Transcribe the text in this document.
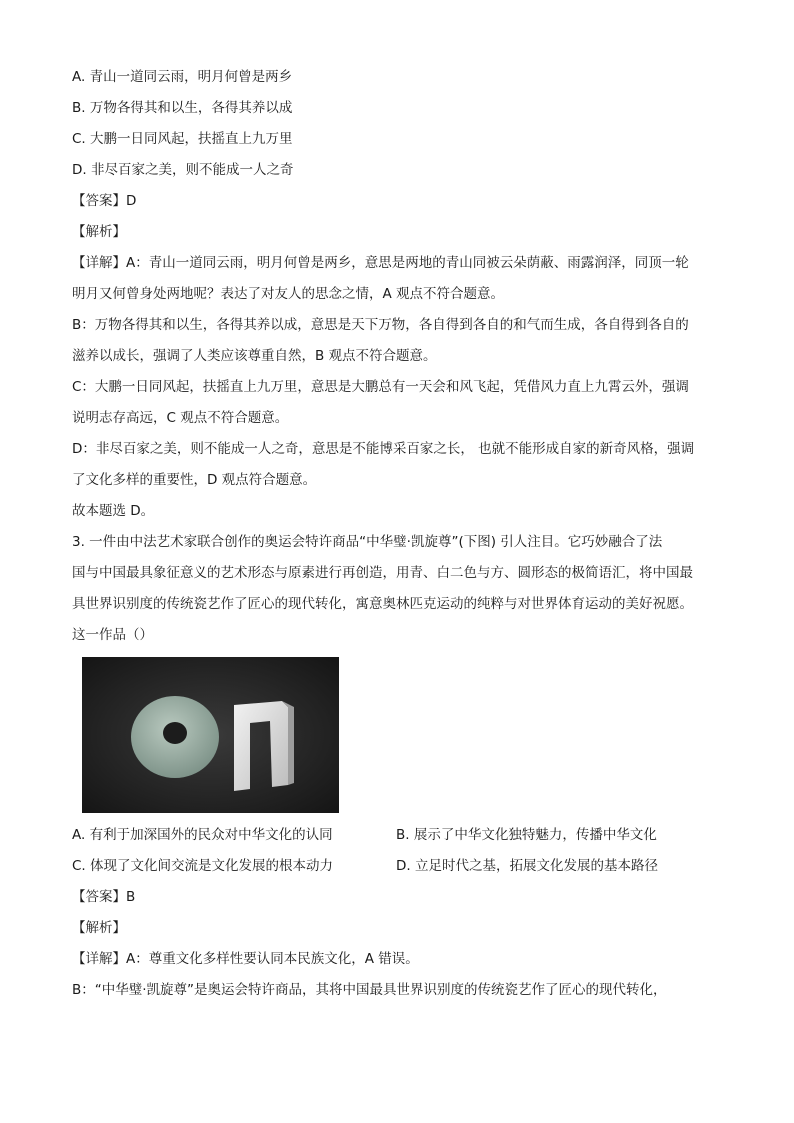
A. 青山一道同云雨，明月何曾是两乡
B. 万物各得其和以生，各得其养以成
C. 大鹏一日同风起，扶摇直上九万里
D. 非尽百家之美，则不能成一人之奇
【答案】D
【解析】
【详解】A：青山一道同云雨，明月何曾是两乡，意思是两地的青山同被云朵荫蔽、雨露润泽，同顶一轮
明月又何曾身处两地呢？表达了对友人的思念之情，A 观点不符合题意。
B：万物各得其和以生，各得其养以成，意思是天下万物，各自得到各自的和气而生成，各自得到各自的
滋养以成长，强调了人类应该尊重自然，B 观点不符合题意。
C：大鹏一日同风起，扶摇直上九万里，意思是大鹏总有一天会和风飞起，凭借风力直上九霄云外，强调
说明志存高远，C 观点不符合题意。
D：非尽百家之美，则不能成一人之奇，意思是不能博采百家之长， 也就不能形成自家的新奇风格，强调
了文化多样的重要性，D 观点符合题意。
故本题选 D。
3. 一件由中法艺术家联合创作的奥运会特许商品“中华璧·凯旋尊”(下图) 引人注目。它巧妙融合了法
国与中国最具象征意义的艺术形态与原素进行再创造，用青、白二色与方、圆形态的极简语汇，将中国最
具世界识别度的传统瓷艺作了匠心的现代转化，寓意奥林匹克运动的纯粹与对世界体育运动的美好祝愿。
这一作品（）
A. 有利于加深国外的民众对中华文化的认同	B. 展示了中华文化独特魅力，传播中华文化
C. 体现了文化间交流是文化发展的根本动力	D. 立足时代之基，拓展文化发展的基本路径
【答案】B
【解析】
【详解】A：尊重文化多样性要认同本民族文化，A 错误。
B：“中华璧·凯旋尊”是奥运会特许商品，其将中国最具世界识别度的传统瓷艺作了匠心的现代转化，
